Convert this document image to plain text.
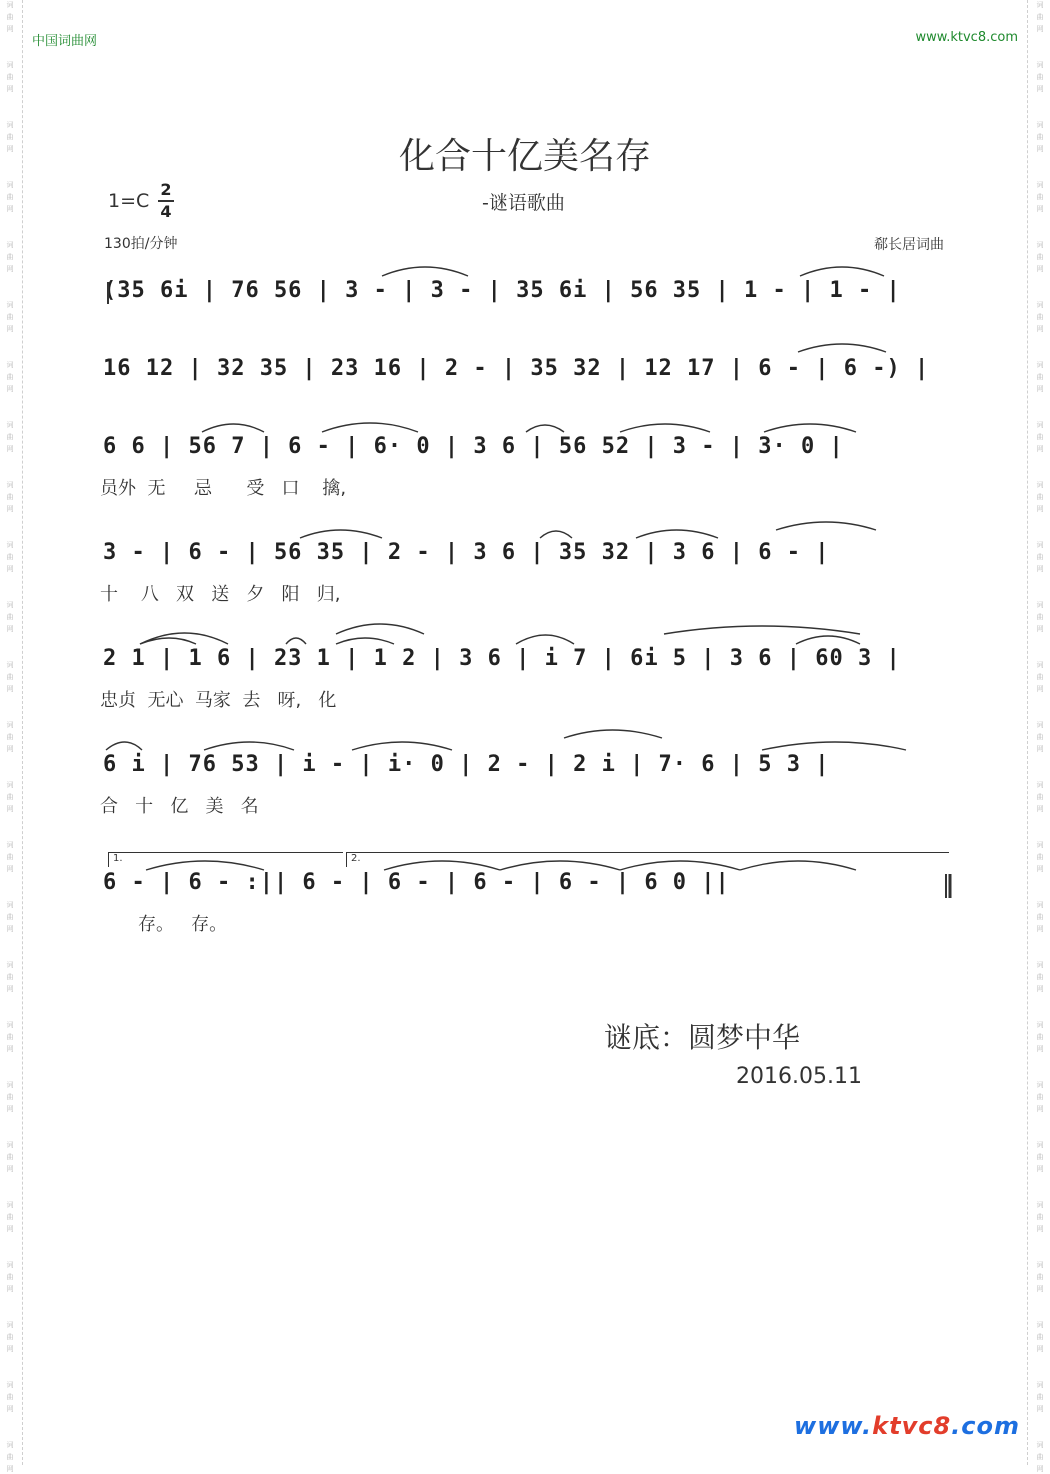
词
曲
网
词
曲
网
词
曲
网
词
曲
网
词
曲
网
词
曲
网
词
曲
网
词
曲
网
词
曲
网
词
曲
网
词
曲
网
词
曲
网
词
曲
网
词
曲
网
词
曲
网
词
曲
网
词
曲
网
词
曲
网
词
曲
网
词
曲
网
词
曲
网
词
曲
网
词
曲
网
词
曲
网
词
曲
网
词
曲
网
词
曲
网
词
曲
网
词
曲
网
词
曲
网
词
曲
网
词
曲
网
词
曲
网
词
曲
网
词
曲
网
词
曲
网
词
曲
网
词
曲
网
词
曲
网
词
曲
网
词
曲
网
词
曲
网
词
曲
网
词
曲
网
词
曲
网
词
曲
网
词
曲
网
词
曲
网
词
曲
网
词
曲
网
中国词曲网	www.ktvc8.com
化合十亿美名存
-谜语歌曲
1=C
2
4
130拍/分钟	郗长居词曲
(35 6i | 76 56 | 3 - | 3 - | 35 6i | 56 35 | 1 - | 1 - |
16 12 | 32 35 | 23 16 | 2 - | 35 32 | 12 17 | 6 - | 6 -) |
6 6 | 56 7 | 6 - | 6· 0 | 3 6 | 56 52 | 3 - | 3· 0 |
员外  无     忌      受   口    擒,
3 - | 6 - | 56 35 | 2 - | 3 6 | 35 32 | 3 6 | 6 - |
十    八   双   送   夕   阳   归,
2 1 | 1 6 | 23 1 | 1 2 | 3 6 | i 7 | 6i 5 | 3 6 | 60 3 |
忠贞  无心  马家  去   呀,   化
6 i | 76 53 | i - | i· 0 | 2 - | 2 i | 7· 6 | 5 3 |
合   十   亿   美   名
1.	2.
6 - | 6 - :|| 6 - | 6 - | 6 - | 6 - | 6 0 ||
存。   存。
谜底：圆梦中华
2016.05.11
www.ktvc8.com
